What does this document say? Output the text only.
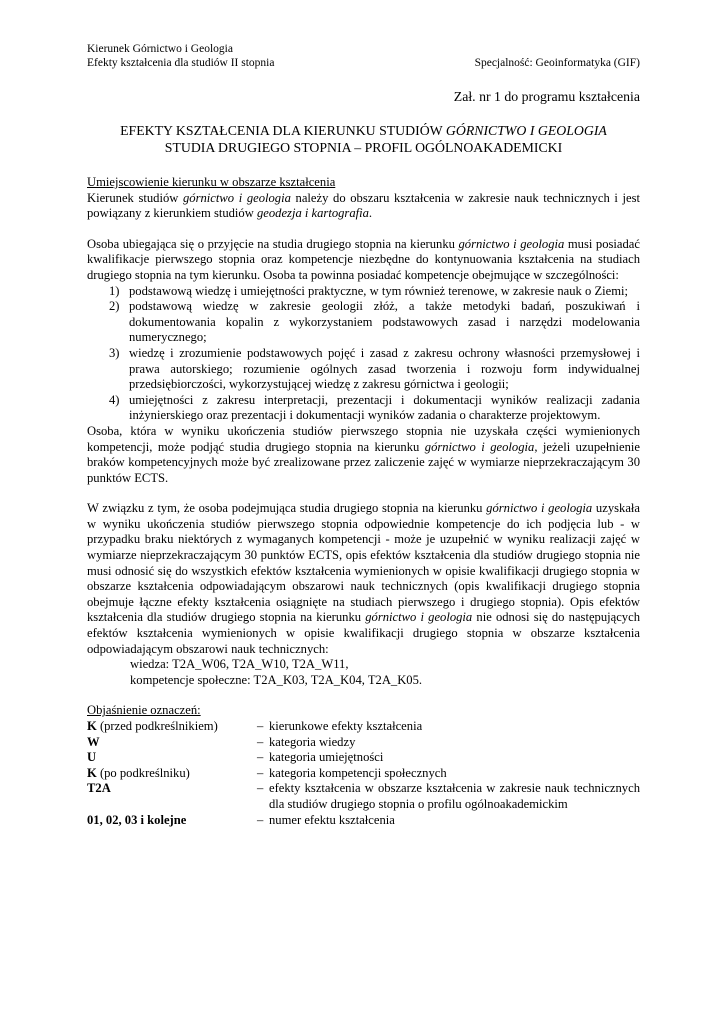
Kierunek Górnictwo i Geologia
Efekty kształcenia dla studiów II stopnia	Specjalność: Geoinformatyka (GIF)
Zał. nr 1 do programu kształcenia
EFEKTY KSZTAŁCENIA DLA KIERUNKU STUDIÓW GÓRNICTWO I GEOLOGIA
STUDIA DRUGIEGO STOPNIA – PROFIL OGÓLNOAKADEMICKI
Umiejscowienie kierunku w obszarze kształcenia
Kierunek studiów górnictwo i geologia należy do obszaru kształcenia w zakresie nauk technicznych i jest powiązany z kierunkiem studiów geodezja i kartografia.
Osoba ubiegająca się o przyjęcie na studia drugiego stopnia na kierunku górnictwo i geologia musi posiadać kwalifikacje pierwszego stopnia oraz kompetencje niezbędne do kontynuowania kształcenia na studiach drugiego stopnia na tym kierunku. Osoba ta powinna posiadać kompetencje obejmujące w szczególności:
1) podstawową wiedzę i umiejętności praktyczne, w tym również terenowe, w zakresie nauk o Ziemi;
2) podstawową wiedzę w zakresie geologii złóż, a także metodyki badań, poszukiwań i dokumentowania kopalin z wykorzystaniem podstawowych zasad i narzędzi modelowania numerycznego;
3) wiedzę i zrozumienie podstawowych pojęć i zasad z zakresu ochrony własności przemysłowej i prawa autorskiego; rozumienie ogólnych zasad tworzenia i rozwoju form indywidualnej przedsiębiorczości, wykorzystującej wiedzę z zakresu górnictwa i geologii;
4) umiejętności z zakresu interpretacji, prezentacji i dokumentacji wyników realizacji zadania inżynierskiego oraz prezentacji i dokumentacji wyników zadania o charakterze projektowym.
Osoba, która w wyniku ukończenia studiów pierwszego stopnia nie uzyskała części wymienionych kompetencji, może podjąć studia drugiego stopnia na kierunku górnictwo i geologia, jeżeli uzupełnienie braków kompetencyjnych może być zrealizowane przez zaliczenie zajęć w wymiarze nieprzekraczającym 30 punktów ECTS.
W związku z tym, że osoba podejmująca studia drugiego stopnia na kierunku górnictwo i geologia uzyskała w wyniku ukończenia studiów pierwszego stopnia odpowiednie kompetencje do ich podjęcia lub - w przypadku braku niektórych z wymaganych kompetencji - może je uzupełnić w wyniku realizacji zajęć w wymiarze nieprzekraczającym 30 punktów ECTS, opis efektów kształcenia dla studiów drugiego stopnia nie musi odnosić się do wszystkich efektów kształcenia wymienionych w opisie kwalifikacji drugiego stopnia w obszarze kształcenia odpowiadającym obszarowi nauk technicznych (opis kwalifikacji drugiego stopnia obejmuje łączne efekty kształcenia osiągnięte na studiach pierwszego i drugiego stopnia). Opis efektów kształcenia dla studiów drugiego stopnia na kierunku górnictwo i geologia nie odnosi się do następujących efektów kształcenia wymienionych w opisie kwalifikacji drugiego stopnia w obszarze kształcenia odpowiadającym obszarowi nauk technicznych:
wiedza: T2A_W06, T2A_W10, T2A_W11,
kompetencje społeczne: T2A_K03, T2A_K04, T2A_K05.
Objaśnienie oznaczeń:
K (przed podkreślnikiem)	– kierunkowe efekty kształcenia
W	– kategoria wiedzy
U	– kategoria umiejętności
K (po podkreślniku)	– kategoria kompetencji społecznych
T2A	– efekty kształcenia w obszarze kształcenia w zakresie nauk technicznych dla studiów drugiego stopnia o profilu ogólnoakademickim
01, 02, 03 i kolejne	– numer efektu kształcenia
